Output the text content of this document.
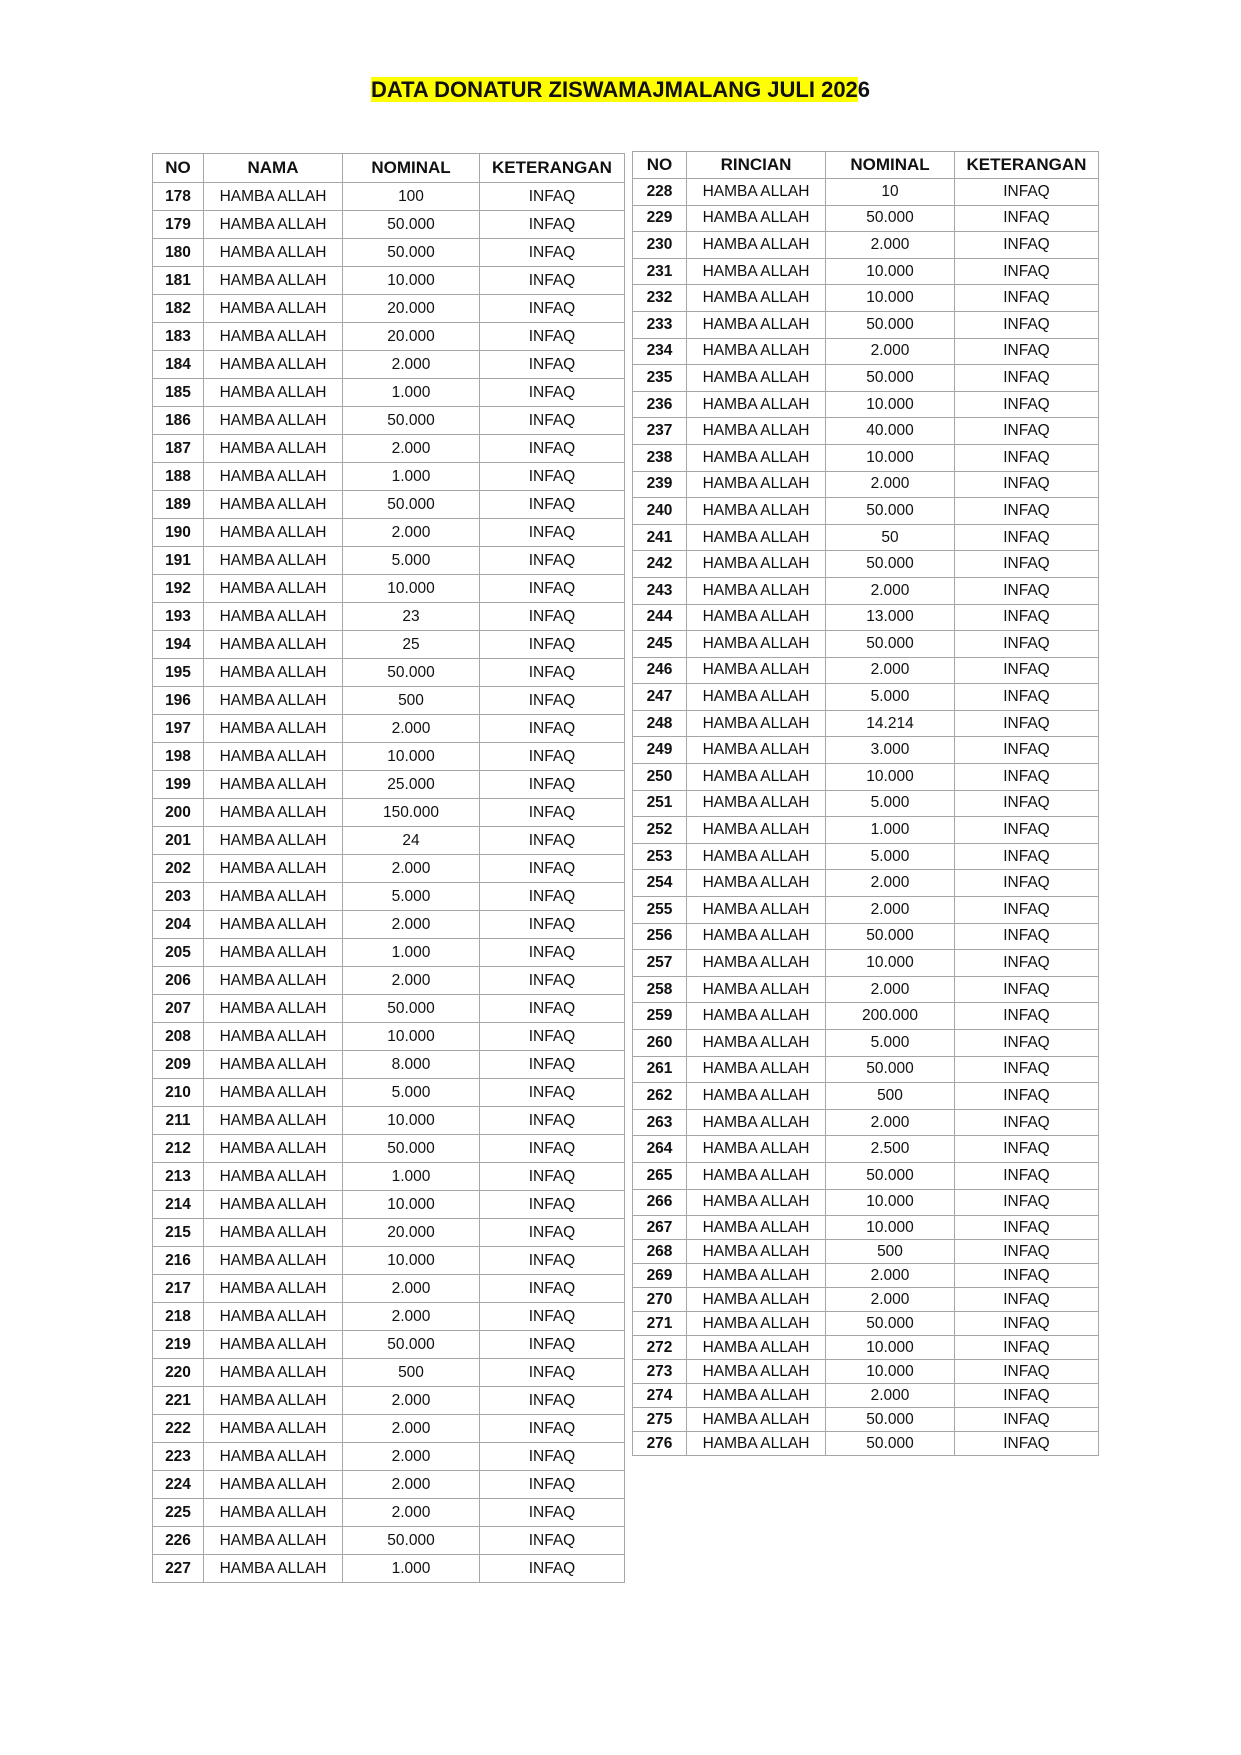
DATA DONATUR ZISWAMAJMALANG JULI 2026
NO	NAMA	NOMINAL	KETERANGAN
178	HAMBA ALLAH	100	INFAQ
179	HAMBA ALLAH	50.000	INFAQ
180	HAMBA ALLAH	50.000	INFAQ
181	HAMBA ALLAH	10.000	INFAQ
182	HAMBA ALLAH	20.000	INFAQ
183	HAMBA ALLAH	20.000	INFAQ
184	HAMBA ALLAH	2.000	INFAQ
185	HAMBA ALLAH	1.000	INFAQ
186	HAMBA ALLAH	50.000	INFAQ
187	HAMBA ALLAH	2.000	INFAQ
188	HAMBA ALLAH	1.000	INFAQ
189	HAMBA ALLAH	50.000	INFAQ
190	HAMBA ALLAH	2.000	INFAQ
191	HAMBA ALLAH	5.000	INFAQ
192	HAMBA ALLAH	10.000	INFAQ
193	HAMBA ALLAH	23	INFAQ
194	HAMBA ALLAH	25	INFAQ
195	HAMBA ALLAH	50.000	INFAQ
196	HAMBA ALLAH	500	INFAQ
197	HAMBA ALLAH	2.000	INFAQ
198	HAMBA ALLAH	10.000	INFAQ
199	HAMBA ALLAH	25.000	INFAQ
200	HAMBA ALLAH	150.000	INFAQ
201	HAMBA ALLAH	24	INFAQ
202	HAMBA ALLAH	2.000	INFAQ
203	HAMBA ALLAH	5.000	INFAQ
204	HAMBA ALLAH	2.000	INFAQ
205	HAMBA ALLAH	1.000	INFAQ
206	HAMBA ALLAH	2.000	INFAQ
207	HAMBA ALLAH	50.000	INFAQ
208	HAMBA ALLAH	10.000	INFAQ
209	HAMBA ALLAH	8.000	INFAQ
210	HAMBA ALLAH	5.000	INFAQ
211	HAMBA ALLAH	10.000	INFAQ
212	HAMBA ALLAH	50.000	INFAQ
213	HAMBA ALLAH	1.000	INFAQ
214	HAMBA ALLAH	10.000	INFAQ
215	HAMBA ALLAH	20.000	INFAQ
216	HAMBA ALLAH	10.000	INFAQ
217	HAMBA ALLAH	2.000	INFAQ
218	HAMBA ALLAH	2.000	INFAQ
219	HAMBA ALLAH	50.000	INFAQ
220	HAMBA ALLAH	500	INFAQ
221	HAMBA ALLAH	2.000	INFAQ
222	HAMBA ALLAH	2.000	INFAQ
223	HAMBA ALLAH	2.000	INFAQ
224	HAMBA ALLAH	2.000	INFAQ
225	HAMBA ALLAH	2.000	INFAQ
226	HAMBA ALLAH	50.000	INFAQ
227	HAMBA ALLAH	1.000	INFAQ
NO	RINCIAN	NOMINAL	KETERANGAN
228	HAMBA ALLAH	10	INFAQ
229	HAMBA ALLAH	50.000	INFAQ
230	HAMBA ALLAH	2.000	INFAQ
231	HAMBA ALLAH	10.000	INFAQ
232	HAMBA ALLAH	10.000	INFAQ
233	HAMBA ALLAH	50.000	INFAQ
234	HAMBA ALLAH	2.000	INFAQ
235	HAMBA ALLAH	50.000	INFAQ
236	HAMBA ALLAH	10.000	INFAQ
237	HAMBA ALLAH	40.000	INFAQ
238	HAMBA ALLAH	10.000	INFAQ
239	HAMBA ALLAH	2.000	INFAQ
240	HAMBA ALLAH	50.000	INFAQ
241	HAMBA ALLAH	50	INFAQ
242	HAMBA ALLAH	50.000	INFAQ
243	HAMBA ALLAH	2.000	INFAQ
244	HAMBA ALLAH	13.000	INFAQ
245	HAMBA ALLAH	50.000	INFAQ
246	HAMBA ALLAH	2.000	INFAQ
247	HAMBA ALLAH	5.000	INFAQ
248	HAMBA ALLAH	14.214	INFAQ
249	HAMBA ALLAH	3.000	INFAQ
250	HAMBA ALLAH	10.000	INFAQ
251	HAMBA ALLAH	5.000	INFAQ
252	HAMBA ALLAH	1.000	INFAQ
253	HAMBA ALLAH	5.000	INFAQ
254	HAMBA ALLAH	2.000	INFAQ
255	HAMBA ALLAH	2.000	INFAQ
256	HAMBA ALLAH	50.000	INFAQ
257	HAMBA ALLAH	10.000	INFAQ
258	HAMBA ALLAH	2.000	INFAQ
259	HAMBA ALLAH	200.000	INFAQ
260	HAMBA ALLAH	5.000	INFAQ
261	HAMBA ALLAH	50.000	INFAQ
262	HAMBA ALLAH	500	INFAQ
263	HAMBA ALLAH	2.000	INFAQ
264	HAMBA ALLAH	2.500	INFAQ
265	HAMBA ALLAH	50.000	INFAQ
266	HAMBA ALLAH	10.000	INFAQ
267	HAMBA ALLAH	10.000	INFAQ
268	HAMBA ALLAH	500	INFAQ
269	HAMBA ALLAH	2.000	INFAQ
270	HAMBA ALLAH	2.000	INFAQ
271	HAMBA ALLAH	50.000	INFAQ
272	HAMBA ALLAH	10.000	INFAQ
273	HAMBA ALLAH	10.000	INFAQ
274	HAMBA ALLAH	2.000	INFAQ
275	HAMBA ALLAH	50.000	INFAQ
276	HAMBA ALLAH	50.000	INFAQ
